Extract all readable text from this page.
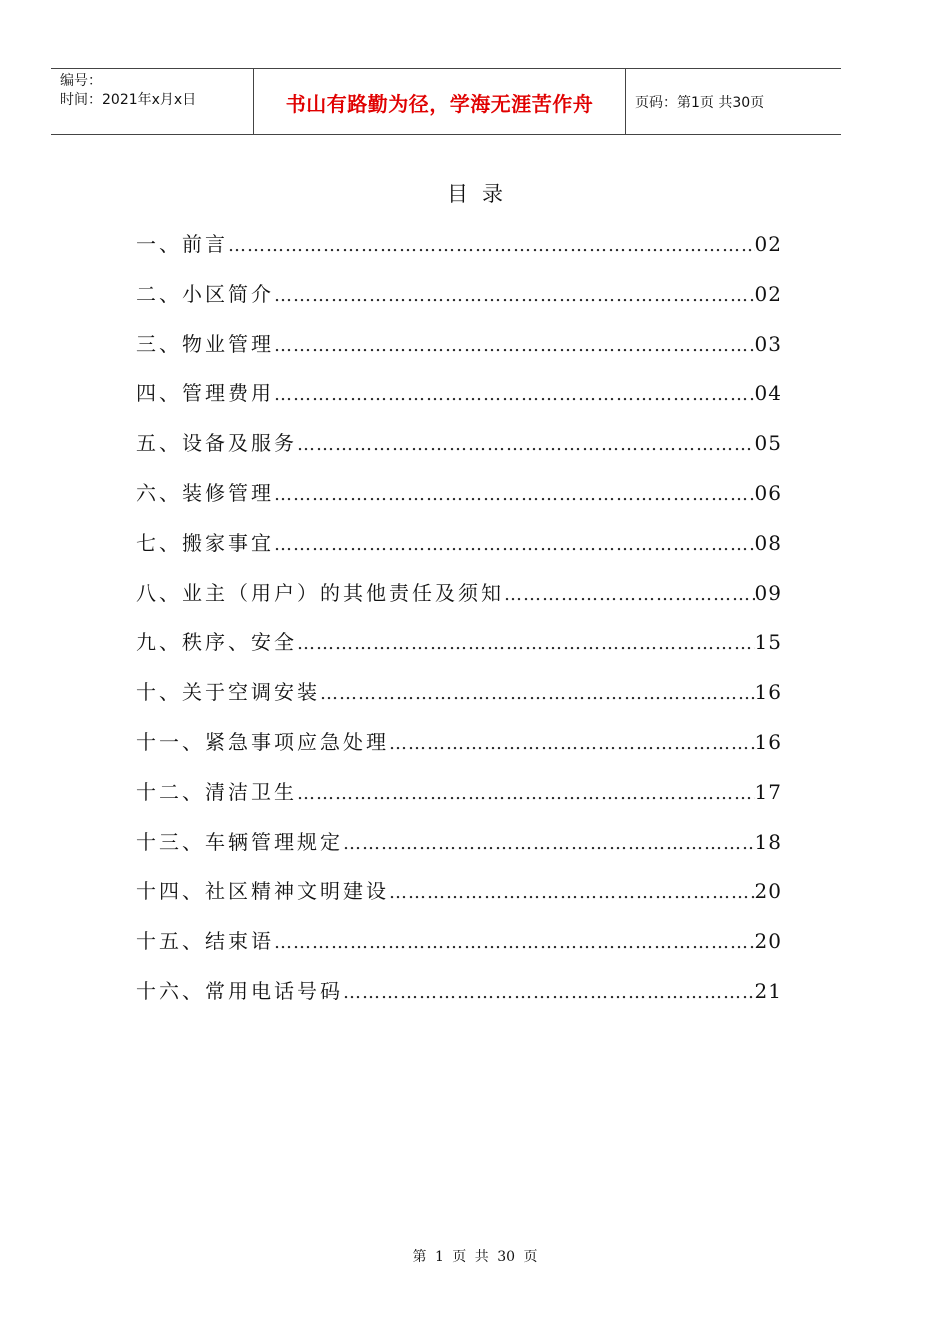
编号：
时间：2021年x月x日	书山有路勤为径，学海无涯苦作舟	页码：第1页 共30页
目录
一、前言 ………………………………………………………………………………………………………………………………	02
二、小区简介 ………………………………………………………………………………………………………………………………	02
三、物业管理 ………………………………………………………………………………………………………………………………	03
四、管理费用 ………………………………………………………………………………………………………………………………	04
五、设备及服务 ………………………………………………………………………………………………………………………………	05
六、装修管理 ………………………………………………………………………………………………………………………………	06
七、搬家事宜 ………………………………………………………………………………………………………………………………	08
八、业主（用户）的其他责任及须知 ………………………………………………………………………………………………………………………………	09
九、秩序、安全 ………………………………………………………………………………………………………………………………	15
十、关于空调安装 ………………………………………………………………………………………………………………………………	16
十一、紧急事项应急处理 ………………………………………………………………………………………………………………………………	16
十二、清洁卫生 ………………………………………………………………………………………………………………………………	17
十三、车辆管理规定 ………………………………………………………………………………………………………………………………	18
十四、社区精神文明建设 ………………………………………………………………………………………………………………………………	20
十五、结束语 ………………………………………………………………………………………………………………………………	20
十六、常用电话号码 ………………………………………………………………………………………………………………………………	21
第 1 页 共 30 页
